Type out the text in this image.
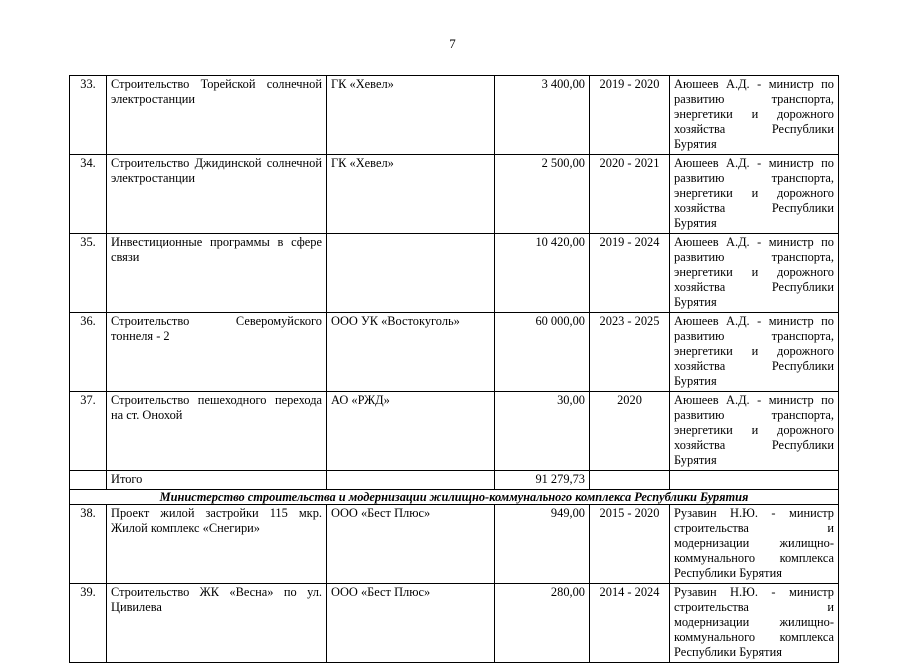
7
33.	Строительство Торейской солнечной электростанции	ГК «Хевел»	3 400,00	2019 - 2020	Аюшеев А.Д. - министр по развитию транспорта, энергетики и дорожного хозяйства Республики Бурятия
34.	Строительство Джидинской солнечной электростанции	ГК «Хевел»	2 500,00	2020 - 2021	Аюшеев А.Д. - министр по развитию транспорта, энергетики и дорожного хозяйства Республики Бурятия
35.	Инвестиционные программы в сфере связи		10 420,00	2019 - 2024	Аюшеев А.Д. - министр по развитию транспорта, энергетики и дорожного хозяйства Республики Бурятия
36.	Строительство Северомуйского тоннеля - 2	ООО УК «Востокуголь»	60 000,00	2023 - 2025	Аюшеев А.Д. - министр по развитию транспорта, энергетики и дорожного хозяйства Республики Бурятия
37.	Строительство пешеходного перехода на ст. Онохой	АО «РЖД»	30,00	2020	Аюшеев А.Д. - министр по развитию транспорта, энергетики и дорожного хозяйства Республики Бурятия
	Итого		91 279,73		
Министерство строительства и модернизации жилищно-коммунального комплекса Республики Бурятия					
38.	Проект жилой застройки 115 мкр. Жилой комплекс «Снегири»	ООО «Бест Плюс»	949,00	2015 - 2020	Рузавин Н.Ю. - министр строительства и модернизации жилищно-коммунального комплекса Республики Бурятия
39.	Строительство ЖК «Весна» по ул. Цивилева	ООО «Бест Плюс»	280,00	2014 - 2024	Рузавин Н.Ю. - министр строительства и модернизации жилищно-коммунального комплекса Республики Бурятия
